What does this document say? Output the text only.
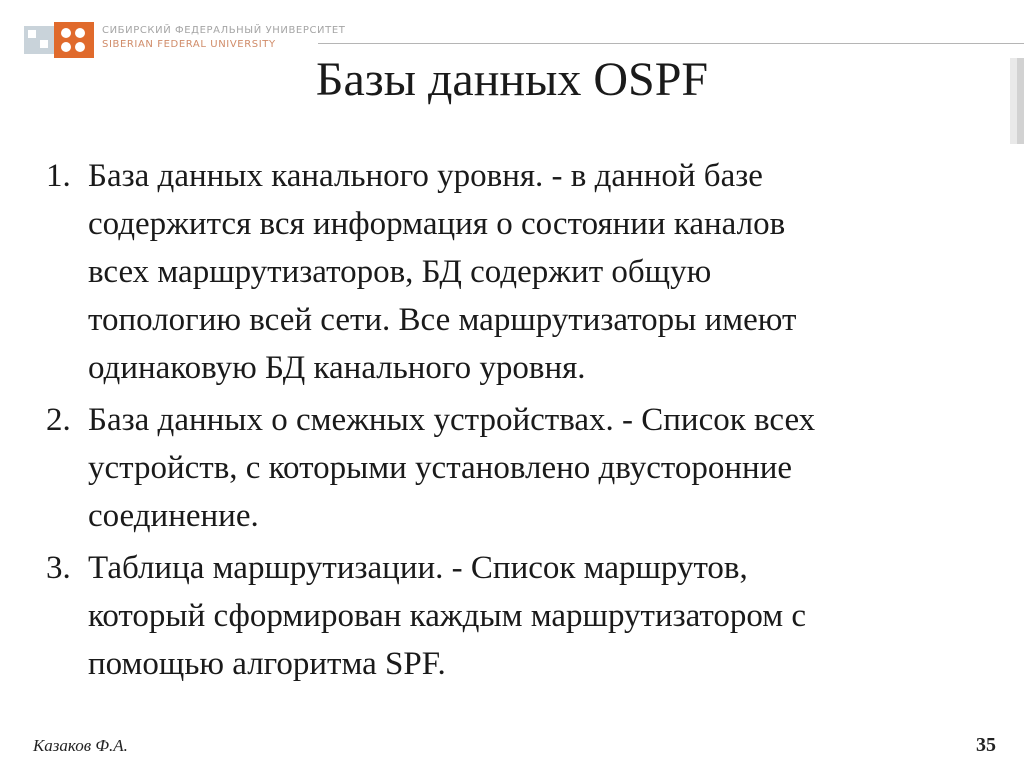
СИБИРСКИЙ ФЕДЕРАЛЬНЫЙ УНИВЕРСИТЕТ
SIBERIAN FEDERAL UNIVERSITY
Базы данных OSPF
1. База данных канального уровня. - в данной базе
содержится вся информация о состоянии каналов
всех маршрутизаторов, БД содержит общую
топологию всей сети. Все маршрутизаторы имеют
одинаковую БД канального уровня.
2. База данных о смежных устройствах. - Список всех
устройств, с которыми установлено двусторонние
соединение.
3. Таблица маршрутизации. - Список маршрутов,
который сформирован каждым маршрутизатором с
помощью алгоритма SPF.
Казаков Ф.А.	35
